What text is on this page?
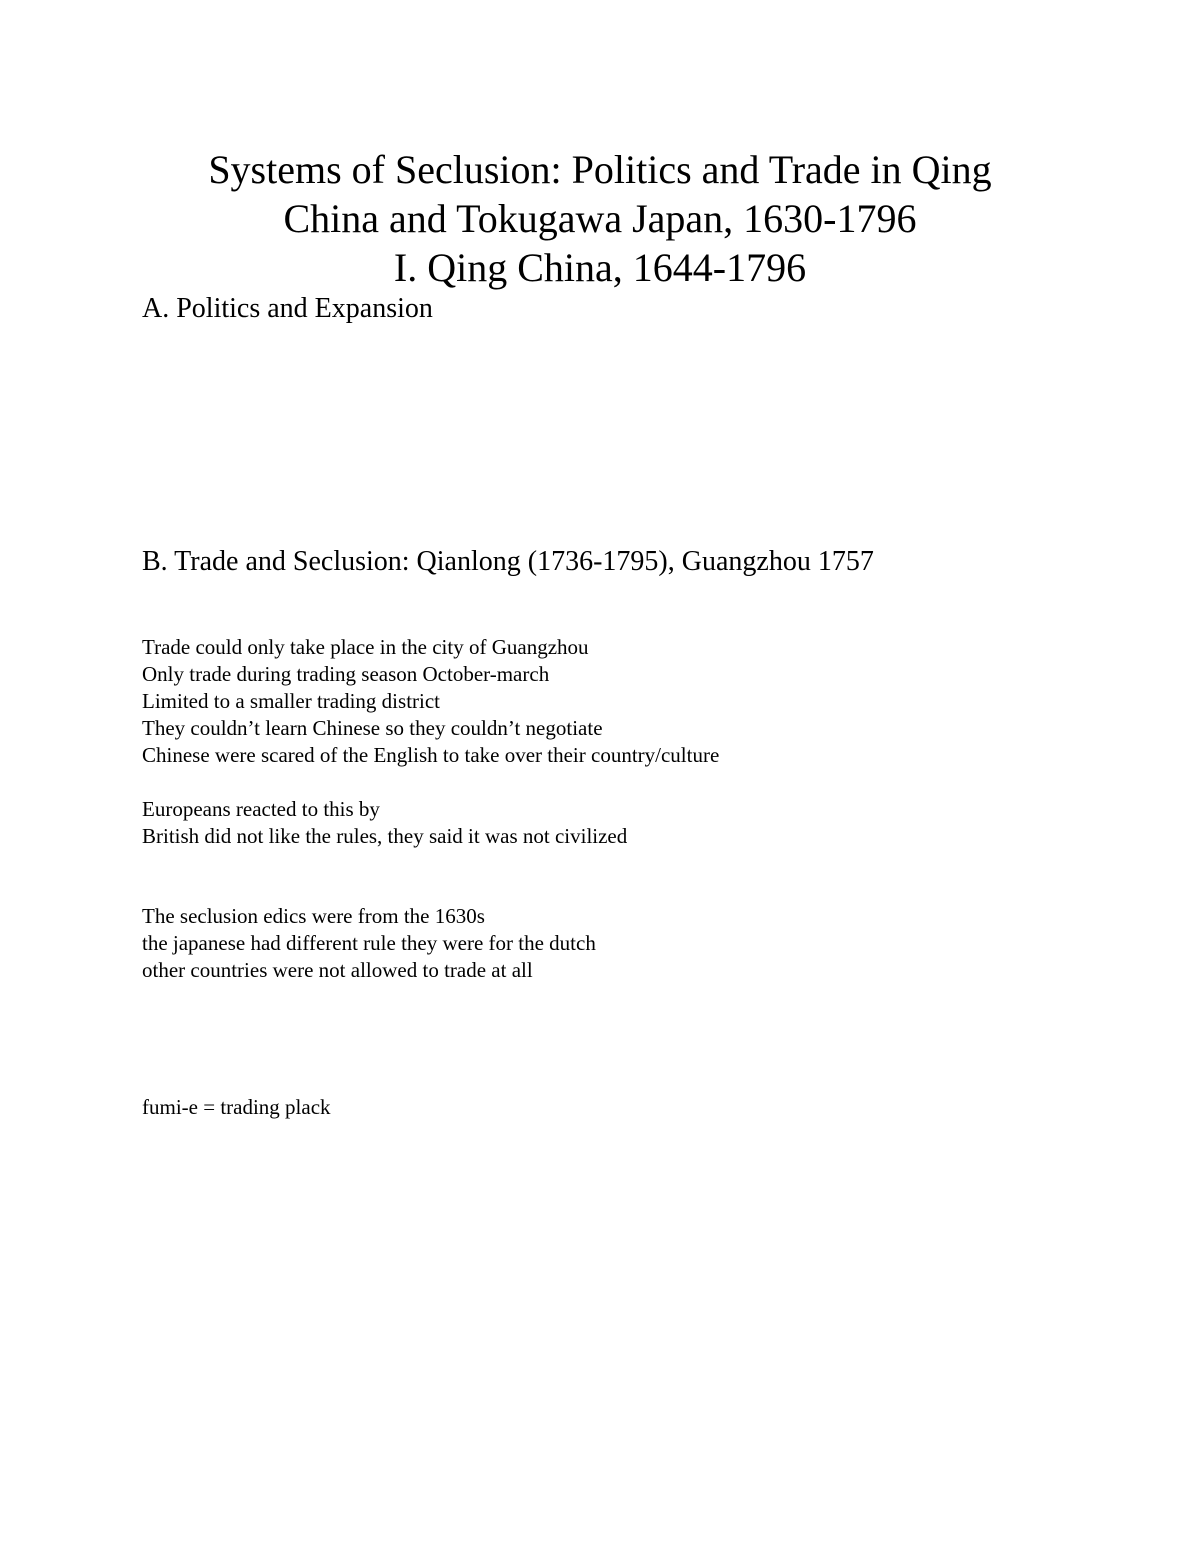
Systems of Seclusion: Politics and Trade in Qing
China and Tokugawa Japan, 1630-1796
I. Qing China, 1644-1796
A. Politics and Expansion
B. Trade and Seclusion: Qianlong (1736-1795), Guangzhou 1757
Trade could only take place in the city of Guangzhou
Only trade during trading season October-march
Limited to a smaller trading district
They couldn’t learn Chinese so they couldn’t negotiate
Chinese were scared of the English to take over their country/culture
Europeans reacted to this by
British did not like the rules, they said it was not civilized
The seclusion edics were from the 1630s
the japanese had different rule they were for the dutch
other countries were not allowed to trade at all
fumi-e = trading plack
